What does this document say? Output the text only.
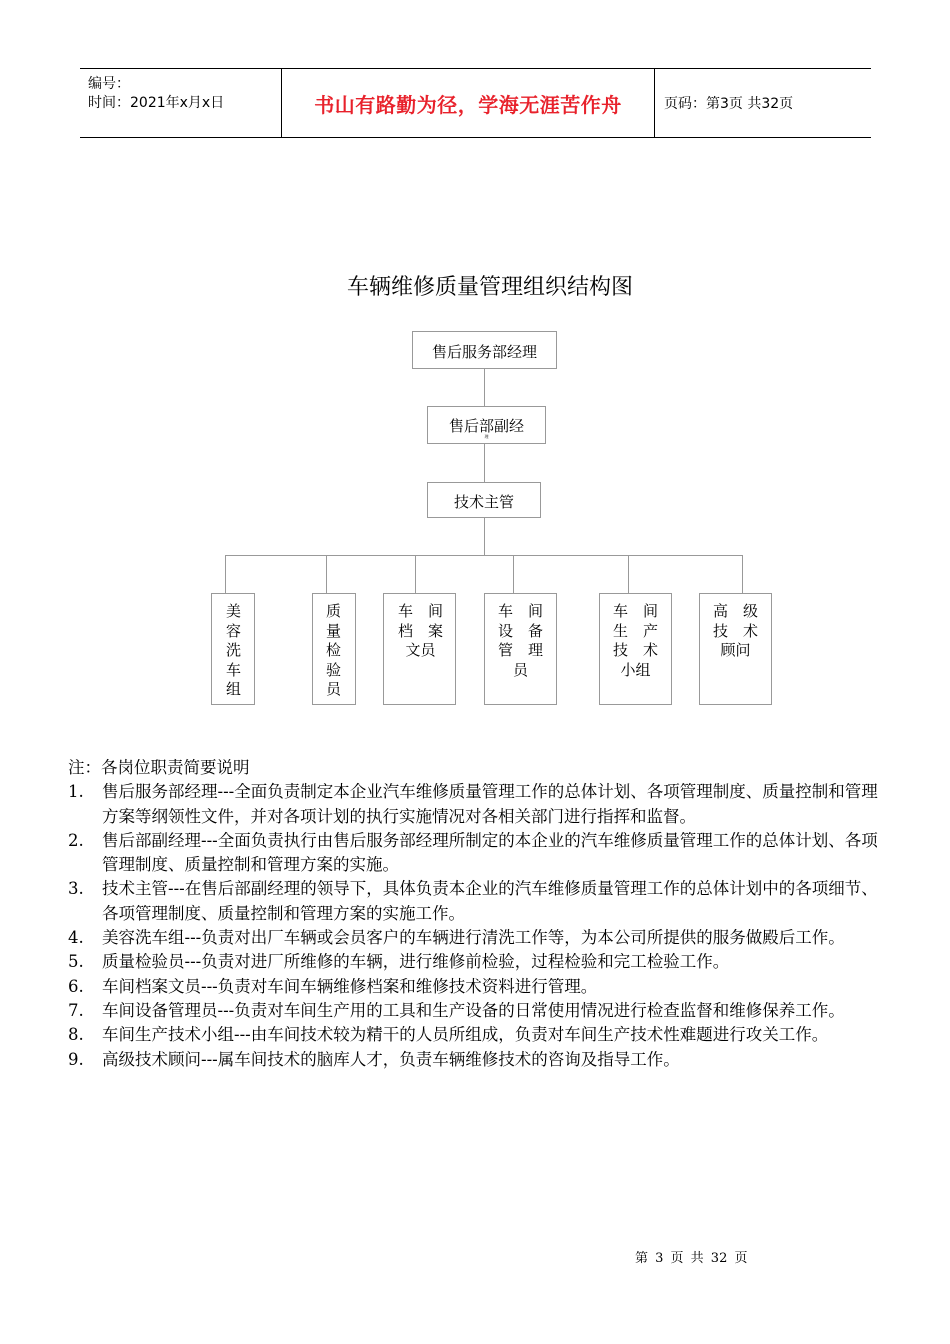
编号：
时间：2021年x月x日	书山有路勤为径，学海无涯苦作舟	页码：第3页 共32页
车辆维修质量管理组织结构图
售后服务部经理
售后部副经
理
技术主管
美容洗车组
质量检验员
车　间档　案文员
车　间设　备管　理员
车　间生　产技　术小组
高　级技　术顾问
注：各岗位职责简要说明
1. 售后服务部经理---全面负责制定本企业汽车维修质量管理工作的总体计划、各项管理制度、质量控制和管理方案等纲领性文件，并对各项计划的执行实施情况对各相关部门进行指挥和监督。
2. 售后部副经理---全面负责执行由售后服务部经理所制定的本企业的汽车维修质量管理工作的总体计划、各项管理制度、质量控制和管理方案的实施。
3. 技术主管---在售后部副经理的领导下，具体负责本企业的汽车维修质量管理工作的总体计划中的各项细节、各项管理制度、质量控制和管理方案的实施工作。
4. 美容洗车组---负责对出厂车辆或会员客户的车辆进行清洗工作等，为本公司所提供的服务做殿后工作。
5. 质量检验员---负责对进厂所维修的车辆，进行维修前检验，过程检验和完工检验工作。
6. 车间档案文员---负责对车间车辆维修档案和维修技术资料进行管理。
7. 车间设备管理员---负责对车间生产用的工具和生产设备的日常使用情况进行检查监督和维修保养工作。
8. 车间生产技术小组---由车间技术较为精干的人员所组成，负责对车间生产技术性难题进行攻关工作。
9. 高级技术顾问---属车间技术的脑库人才，负责车辆维修技术的咨询及指导工作。
第 3 页 共 32 页
